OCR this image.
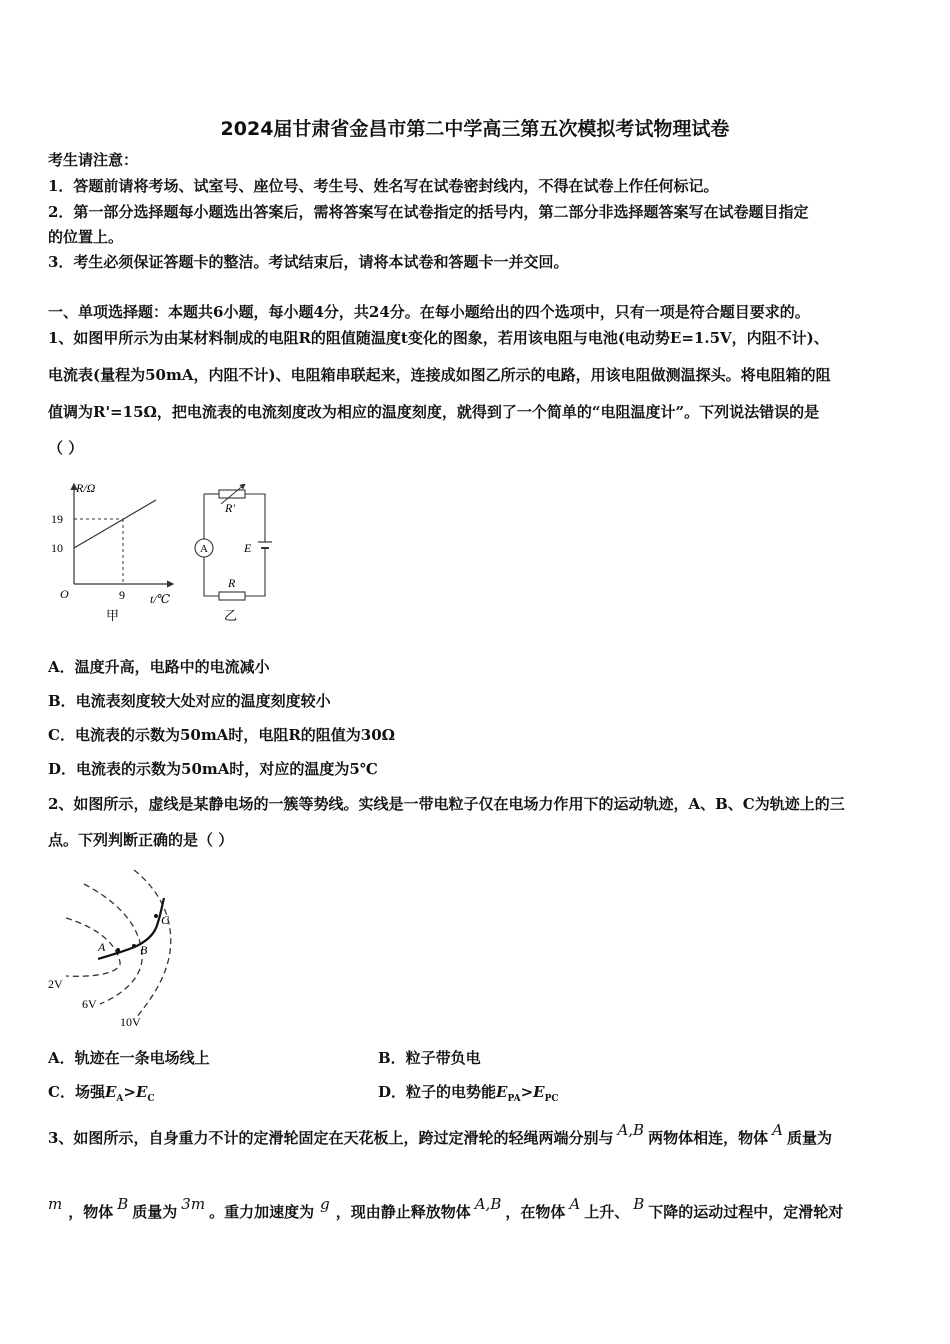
2024届甘肃省金昌市第二中学高三第五次模拟考试物理试卷
考生请注意：
1．答题前请将考场、试室号、座位号、考生号、姓名写在试卷密封线内，不得在试卷上作任何标记。
2．第一部分选择题每小题选出答案后，需将答案写在试卷指定的括号内，第二部分非选择题答案写在试卷题目指定
的位置上。
3．考生必须保证答题卡的整洁。考试结束后，请将本试卷和答题卡一并交回。
一、单项选择题：本题共6小题，每小题4分，共24分。在每小题给出的四个选项中，只有一项是符合题目要求的。
1、如图甲所示为由某材料制成的电阻R的阻值随温度t变化的图象，若用该电阻与电池(电动势E=1.5V，内阻不计)、
电流表(量程为50mA，内阻不计)、电阻箱串联起来，连接成如图乙所示的电路，用该电阻做测温探头。将电阻箱的阻
值调为R'=15Ω，把电流表的电流刻度改为相应的温度刻度，就得到了一个简单的“电阻温度计”。下列说法错误的是
（ ）
R/Ω
19
10
O	9 t/℃
甲
R'
A	E
R
乙
A．温度升高，电路中的电流减小
B．电流表刻度较大处对应的温度刻度较小
C．电流表的示数为50mA时，电阻R的阻值为30Ω
D．电流表的示数为50mA时，对应的温度为5℃
2、如图所示，虚线是某静电场的一簇等势线。实线是一带电粒子仅在电场力作用下的运动轨迹，A、B、C为轨迹上的三
点。下列判断正确的是（ ）
A	B
C
2V
6V
10V
A．轨迹在一条电场线上	B．粒子带负电
C．场强$E_A>E_C$	D．粒子的电势能$E_{PA}>E_{PC}$
3、如图所示，自身重力不计的定滑轮固定在天花板上，跨过定滑轮的轻绳两端分别与 A,B 两物体相连，物体 A 质量为
m ，物体 B 质量为 3m 。重力加速度为 g ，现由静止释放物体 A,B ，在物体 A 上升、 B 下降的运动过程中，定滑轮对
